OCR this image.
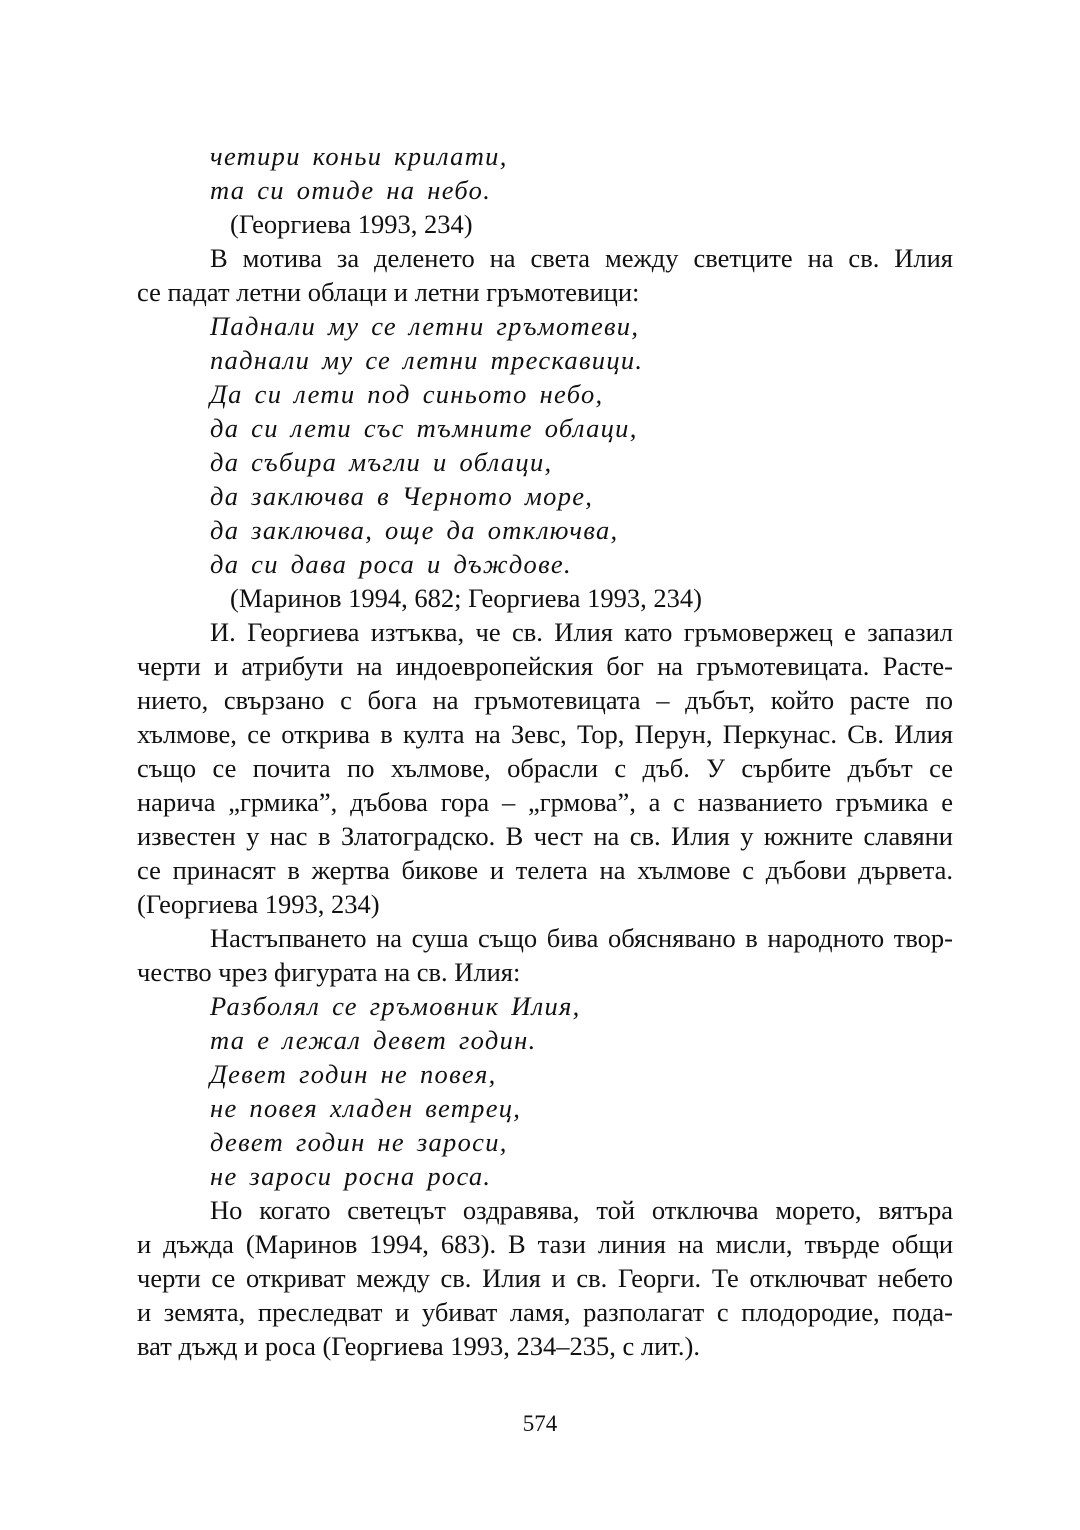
четири коньи крилати,
та си отиде на небо.
(Георгиева 1993, 234)
В мотива за деленето на света между светците на св. Илия
се падат летни облаци и летни гръмотевици:
Паднали му се летни гръмотеви,
паднали му се летни трескавици.
Да си лети под синьото небо,
да си лети със тъмните облаци,
да събира мъгли и облаци,
да заключва в Черното море,
да заключва, още да отключва,
да си дава роса и дъждове.
(Маринов 1994, 682; Георгиева 1993, 234)
И. Георгиева изтъква, че св. Илия като гръмовержец е запазил
черти и атрибути на индоевропейския бог на гръмотевицата. Расте-
нието, свързано с бога на гръмотевицата – дъбът, който расте по
хълмове, се открива в култа на Зевс, Тор, Перун, Перкунас. Св. Илия
също се почита по хълмове, обрасли с дъб. У сърбите дъбът се
нарича „грмика”, дъбова гора – „грмова”, а с названието гръмика е
известен у нас в Златоградско. В чест на св. Илия у южните славяни
се принасят в жертва бикове и телета на хълмове с дъбови дървета.
(Георгиева 1993, 234)
Настъпването на суша също бива обяснявано в народното твор-
чество чрез фигурата на св. Илия:
Разболял се гръмовник Илия,
та е лежал девет годин.
Девет годин не повея,
не повея хладен ветрец,
девет годин не зароси,
не зароси росна роса.
Но когато светецът оздравява, той отключва морето, вятъра
и дъжда (Маринов 1994, 683). В тази линия на мисли, твърде общи
черти се откриват между св. Илия и св. Георги. Те отключват небето
и земята, преследват и убиват ламя, разполагат с плодородие, пода-
ват дъжд и роса (Георгиева 1993, 234–235, с лит.).
574
